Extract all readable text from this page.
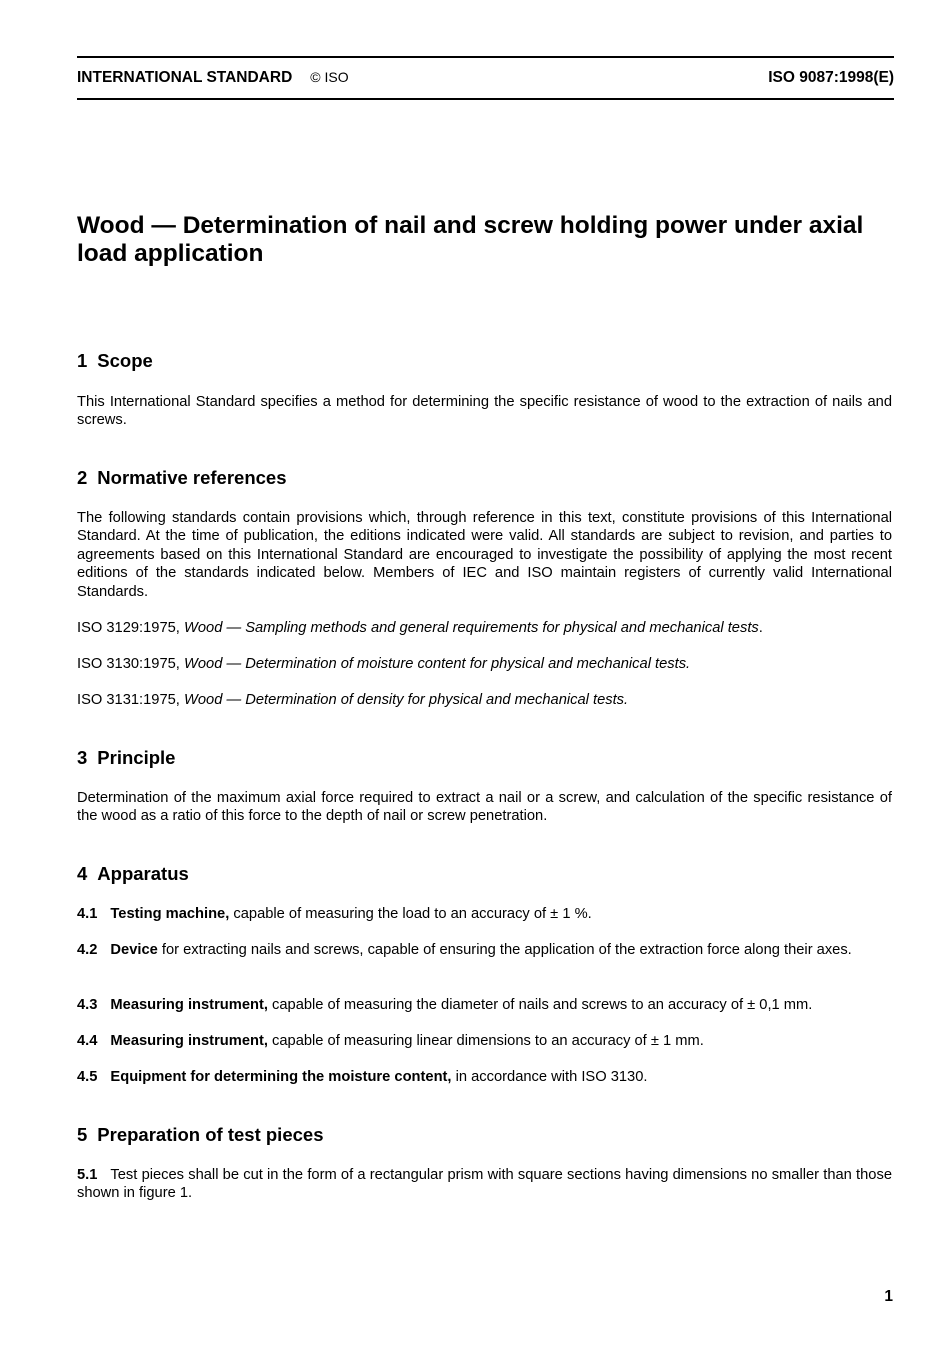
INTERNATIONAL STANDARD © ISO	ISO 9087:1998(E)
Wood — Determination of nail and screw holding power under axial load application
1 Scope

This International Standard specifies a method for determining the specific resistance of wood to the extraction of nails and screws.

2 Normative references

The following standards contain provisions which, through reference in this text, constitute provisions of this International Standard. At the time of publication, the editions indicated were valid. All standards are subject to revision, and parties to agreements based on this International Standard are encouraged to investigate the possibility of applying the most recent editions of the standards indicated below. Members of IEC and ISO maintain registers of currently valid International Standards.

ISO 3129:1975, Wood — Sampling methods and general requirements for physical and mechanical tests.

ISO 3130:1975, Wood — Determination of moisture content for physical and mechanical tests.

ISO 3131:1975, Wood — Determination of density for physical and mechanical tests.

3 Principle

Determination of the maximum axial force required to extract a nail or a screw, and calculation of the specific resistance of the wood as a ratio of this force to the depth of nail or screw penetration.

4 Apparatus

4.1 Testing machine, capable of measuring the load to an accuracy of ± 1 %.

4.2 Device for extracting nails and screws, capable of ensuring the application of the extraction force along their axes.

4.3 Measuring instrument, capable of measuring the diameter of nails and screws to an accuracy of ± 0,1 mm.

4.4 Measuring instrument, capable of measuring linear dimensions to an accuracy of ± 1 mm.

4.5 Equipment for determining the moisture content, in accordance with ISO 3130.

5 Preparation of test pieces

5.1 Test pieces shall be cut in the form of a rectangular prism with square sections having dimensions no smaller than those shown in figure 1.

1
